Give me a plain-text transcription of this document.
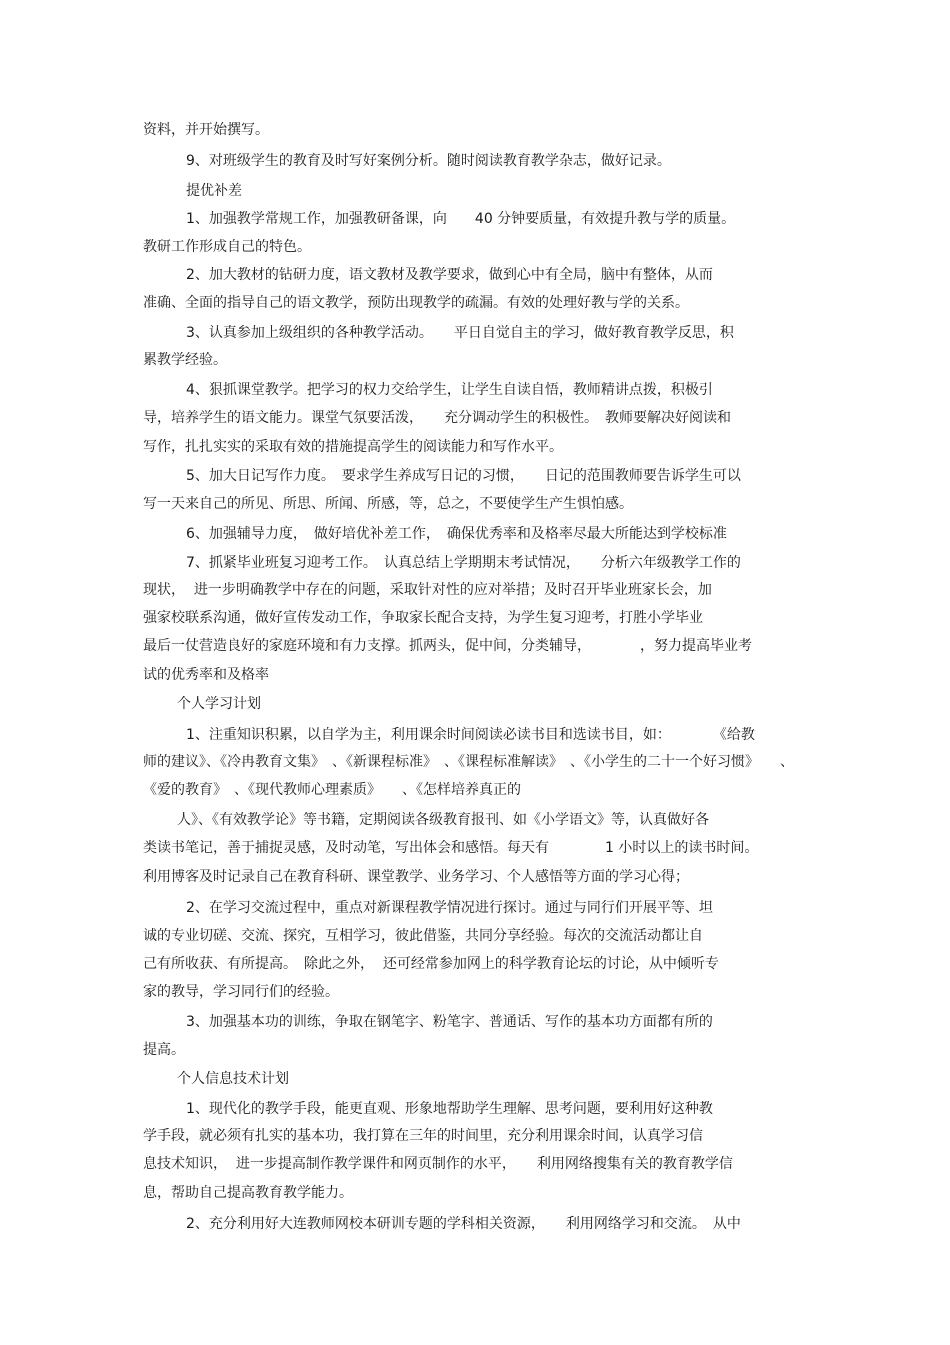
资料，并开始撰写。
9、对班级学生的教育及时写好案例分析。随时阅读教育教学杂志，做好记录。
提优补差
1、加强教学常规工作，加强教研备课，向　　40 分钟要质量，有效提升教与学的质量。
教研工作形成自己的特色。
2、加大教材的钻研力度，语文教材及教学要求，做到心中有全局，脑中有整体，从而
准确、全面的指导自己的语文教学，预防出现教学的疏漏。有效的处理好教与学的关系。
3、认真参加上级组织的各种教学活动。　　平日自觉自主的学习，做好教育教学反思，积
累教学经验。
4、狠抓课堂教学。把学习的权力交给学生，让学生自读自悟，教师精讲点拨，积极引
导，培养学生的语文能力。课堂气氛要活泼，　　充分调动学生的积极性。　教师要解决好阅读和
写作，扎扎实实的采取有效的措施提高学生的阅读能力和写作水平。
5、加大日记写作力度。　要求学生养成写日记的习惯，　　日记的范围教师要告诉学生可以
写一天来自己的所见、所思、所闻、所感，等，总之，不要使学生产生惧怕感。
6、加强辅导力度，　做好培优补差工作，　确保优秀率和及格率尽最大所能达到学校标准
7、抓紧毕业班复习迎考工作。　认真总结上学期期末考试情况，　　分析六年级教学工作的
现状，  进一步明确教学中存在的问题，采取针对性的应对举措；及时召开毕业班家长会，加
强家校联系沟通，做好宣传发动工作，争取家长配合支持，为学生复习迎考，打胜小学毕业
最后一仗营造良好的家庭环境和有力支撑。抓两头，促中间，分类辅导，　　　　，努力提高毕业考
试的优秀率和及格率
个人学习计划
1、注重知识积累，以自学为主，利用课余时间阅读必读书目和选读书目，如：　　　　《给教
师的建议》、《冷冉教育文集》　、《新课程标准》　、《课程标准解读》　、《小学生的二十一个好习惯》　　、
《爱的教育》　、《现代教师心理素质》　　、《怎样培养真正的
人》、《有效教学论》等书籍，定期阅读各级教育报刊、如《小学语文》等，认真做好各
类读书笔记，善于捕捉灵感，及时动笔，写出体会和感悟。每天有　　　　1 小时以上的读书时间。
利用博客及时记录自己在教育科研、课堂教学、业务学习、个人感悟等方面的学习心得；
2、在学习交流过程中，重点对新课程教学情况进行探讨。通过与同行们开展平等、坦
诚的专业切磋、交流、探究，互相学习，彼此借鉴，共同分享经验。每次的交流活动都让自
己有所收获、有所提高。　除此之外，  还可经常参加网上的科学教育论坛的讨论，从中倾听专
家的教导，学习同行们的经验。
3、加强基本功的训练，争取在钢笔字、粉笔字、普通话、写作的基本功方面都有所的
提高。
个人信息技术计划
1、现代化的教学手段，能更直观、形象地帮助学生理解、思考问题，要利用好这种教
学手段，就必须有扎实的基本功，我打算在三年的时间里，充分利用课余时间，认真学习信
息技术知识，  进一步提高制作教学课件和网页制作的水平，　　利用网络搜集有关的教育教学信
息，帮助自己提高教育教学能力。
2、充分利用好大连教师网校本研训专题的学科相关资源，　　利用网络学习和交流。　从中
